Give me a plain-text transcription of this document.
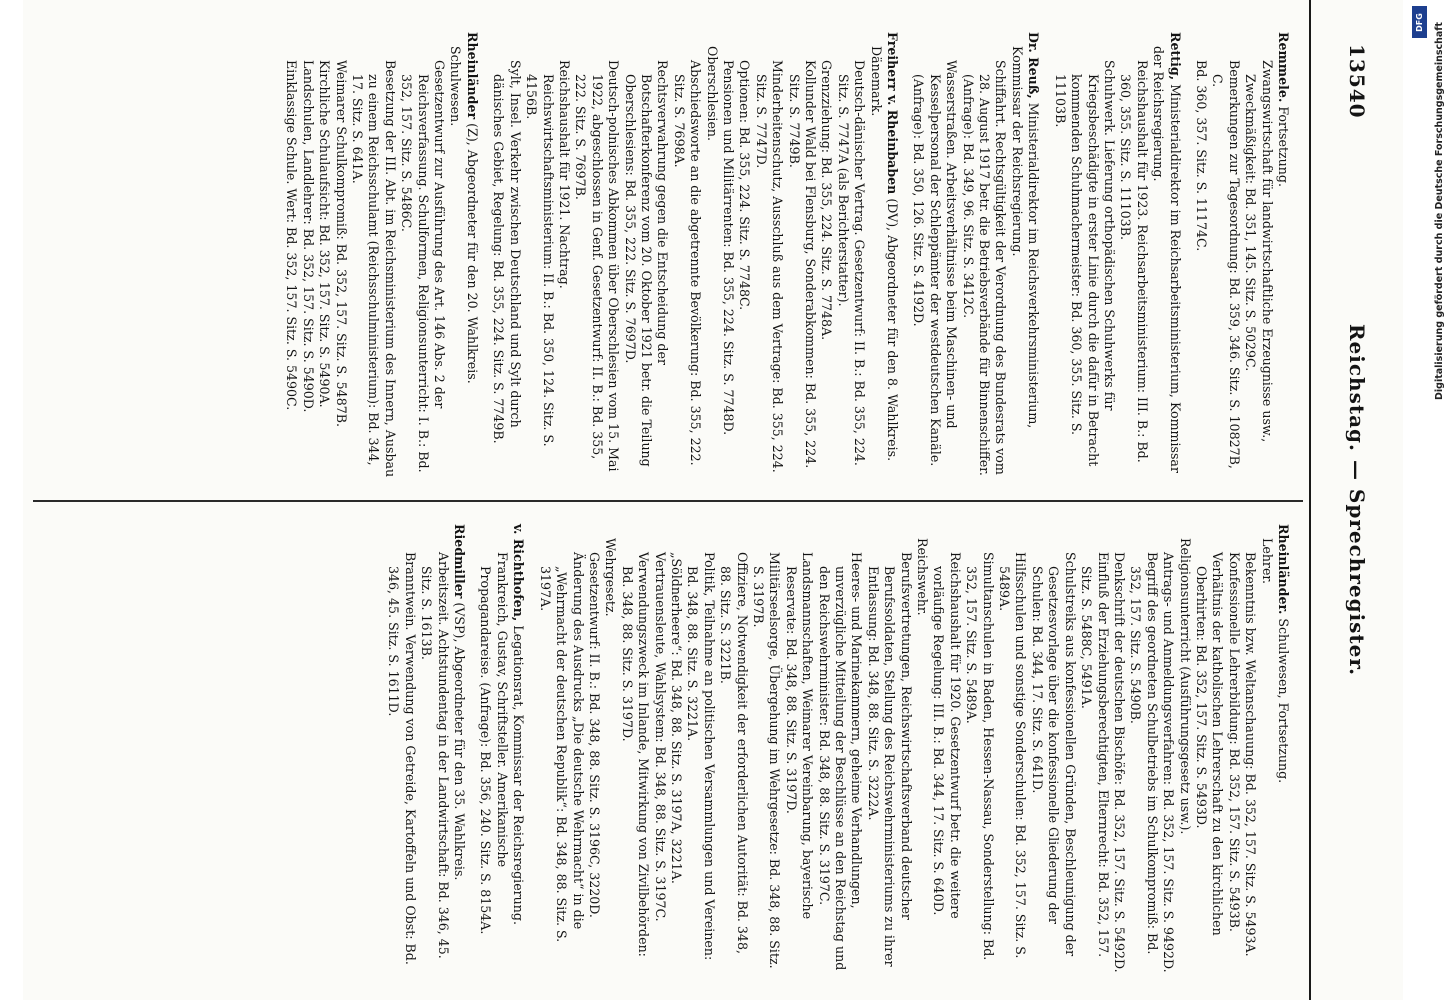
13540
Reichstag. — Sprechregister.

Remmele. Fortsetzung.

Zwangswirtschaft für landwirtschaftliche Erzeugnisse usw., Zweckmäßigkeit: Bd. 351, 145. Sitz. S. 5029C.

Bemerkungen zur Tagesordnung: Bd. 359, 346. Sitz. S. 10827B, C.

Bd. 360, 357. Sitz. S. 11174C.

Rettig, Ministerialdirektor im Reichsarbeitsministerium, Kommissar der Reichsregierung.

Reichshaushalt für 1923. Reichsarbeitsministerium: III. B.: Bd. 360, 355. Sitz. S. 11103B.

Schuhwerk. Lieferung orthopädischen Schuhwerks für Kriegsbeschädigte in erster Linie durch die dafür in Betracht kommenden Schuhmachermeister: Bd. 360, 355. Sitz. S. 11103B.

Dr. Reuß, Ministerialdirektor im Reichsverkehrsministerium, Kommissar der Reichsregierung.

Schiffahrt. Rechtsgültigkeit der Verordnung des Bundesrats vom 28. August 1917 betr. die Betriebsverbände für Binnenschiffer. (Anfrage): Bd. 349, 96. Sitz. S. 3412C.

Wasserstraßen. Arbeitsverhältnisse beim Maschinen- und Kesselpersonal der Schleppämter der westdeutschen Kanäle. (Anfrage): Bd. 350, 126. Sitz. S. 4192D.

Freiherr v. Rheinbaben (DV), Abgeordneter für den 8. Wahlkreis.

Dänemark.

Deutsch-dänischer Vertrag. Gesetzentwurf: II. B.: Bd. 355, 224. Sitz. S. 7747A (als Berichterstatter).

Grenzziehung: Bd. 355, 224. Sitz. S. 7748A.

Kollunder Wald bei Flensburg, Sonderabkommen: Bd. 355, 224. Sitz. S. 7749B.

Minderheitenschutz, Ausschluß aus dem Vertrage: Bd. 355, 224. Sitz. S. 7747D.

Optionen: Bd. 355, 224. Sitz. S. 7748C.

Pensionen und Militärrenten: Bd. 355, 224. Sitz. S. 7748D.

Oberschlesien.

Abschiedsworte an die abgetrennte Bevölkerung: Bd. 355, 222. Sitz. S. 7698A.

Rechtsverwahrung gegen die Entscheidung der Botschafterkonferenz vom 20. Oktober 1921 betr. die Teilung Oberschlesiens: Bd. 355, 222. Sitz. S. 7697D.

Deutsch-polnisches Abkommen über Oberschlesien vom 15. Mai 1922, abgeschlossen in Genf. Gesetzentwurf: II. B.: Bd. 355, 222. Sitz. S. 7697B.

Reichshaushalt für 1921. Nachtrag. Reichswirtschaftsministerium: II. B.: Bd. 350, 124. Sitz. S. 4156B.

Sylt, Insel. Verkehr zwischen Deutschland und Sylt durch dänisches Gebiet, Regelung: Bd. 355, 224. Sitz. S. 7749B.

Rheinländer (Z), Abgeordneter für den 20. Wahlkreis.

Schulwesen.

Gesetzentwurf zur Ausführung des Art. 146 Abs. 2 der Reichsverfassung. Schulformen, Religionsunterricht: I. B.: Bd. 352, 157. Sitz. S. 5486C.

Besetzung der III. Abt. im Reichsministerium des Innern, Ausbau zu einem Reichsschulamt (Reichsschulministerium): Bd. 344, 17. Sitz. S. 641A.

Weimarer Schulkompromiß: Bd. 352, 157. Sitz. S. 5487B.

Kirchliche Schulaufsicht: Bd. 352, 157. Sitz. S. 5490A.

Landschulen, Landlehrer: Bd. 352, 157. Sitz. S. 5490D.

Einklassige Schule. Wert: Bd. 352, 157. Sitz. S. 5490C.

Rheinländer. Schulwesen, Fortsetzung.

Lehrer.

Bekenntnis bzw. Weltanschauung: Bd. 352, 157. Sitz. S. 5493A.

Konfessionelle Lehrerbildung: Bd. 352, 157. Sitz. S. 5493B.

Verhältnis der katholischen Lehrerschaft zu den kirchlichen Oberhirten: Bd. 352, 157. Sitz. S. 5493D.

Religionsunterricht (Ausführungsgesetz usw.).

Antrags- und Anmeldungsverfahren: Bd. 352, 157. Sitz. S. 9492D.

Begriff des geordneten Schulbetriebs im Schulkompromiß: Bd. 352, 157. Sitz. S. 5490B.

Denkschrift der deutschen Bischöfe: Bd. 352, 157. Sitz. S. 5492D.

Einfluß der Erziehungsberechtigten, Elternrecht: Bd. 352, 157. Sitz. S. 5488C, 5491A.

Schulstreiks aus konfessionellen Gründen, Beschleunigung der Gesetzesvorlage über die konfessionelle Gliederung der Schulen: Bd. 344, 17. Sitz. S. 641D.

Hilfsschulen und sonstige Sonderschulen: Bd. 352, 157. Sitz. S. 5489A.

Simultanschulen in Baden, Hessen-Nassau, Sonderstellung: Bd. 352, 157. Sitz. S. 5489A.

Reichshaushalt für 1920. Gesetzentwurf betr. die weitere vorläufige Regelung: III. B.: Bd. 344, 17. Sitz. S. 640D.

Reichswehr.

Berufsvertretungen, Reichswirtschaftsverband deutscher Berufssoldaten, Stellung des Reichswehrministeriums zu ihrer Entlassung: Bd. 348, 88. Sitz. S. 3222A.

Heeres- und Marinekammern, geheime Verhandlungen, unverzügliche Mitteilung der Beschlüsse an den Reichstag und den Reichswehrminister: Bd. 348, 88. Sitz. S. 3197C.

Landsmannschaften, Weimarer Vereinbarung, bayerische Reservate: Bd. 348, 88. Sitz. S. 3197D.

Militärseelsorge, Übergehung im Wehrgesetze: Bd. 348, 88. Sitz. S. 3197B.

Offiziere, Notwendigkeit der erforderlichen Autorität: Bd. 348, 88. Sitz. S. 3221B.

Politik, Teilnahme an politischen Versammlungen und Vereinen: Bd. 348, 88. Sitz. S. 3221A.

„Söldnerheere“: Bd. 348, 88. Sitz. S. 3197A, 3221A.

Vertrauensleute, Wahlsystem: Bd. 348, 88. Sitz. S. 3197C.

Verwendungszweck im Inlande, Mitwirkung von Zivilbehörden: Bd. 348, 88. Sitz. S. 3197D.

Wehrgesetz.

Gesetzentwurf: II. B.: Bd. 348, 88. Sitz. S. 3196C, 3220D.

Änderung des Ausdrucks „Die deutsche Wehrmacht“ in die „Wehrmacht der deutschen Republik“: Bd. 348, 88. Sitz. S. 3197A.

v. Richthofen, Legationsrat, Kommissar der Reichsregierung.

Frankreich, Gustav, Schriftsteller. Amerikanische Propagandareise. (Anfrage): Bd. 356, 240. Sitz. S. 8154A.

Riedmiller (VSP), Abgeordneter für den 35. Wahlkreis.

Arbeitszeit. Achtstundentag in der Landwirtschaft: Bd. 346, 45. Sitz. S. 1613B.

Branntwein. Verwendung von Getreide, Kartoffeln und Obst: Bd. 346, 45. Sitz. S. 1611D.

DFG
Digitalisierung gefördert durch die Deutsche Forschungsgemeinschaft
